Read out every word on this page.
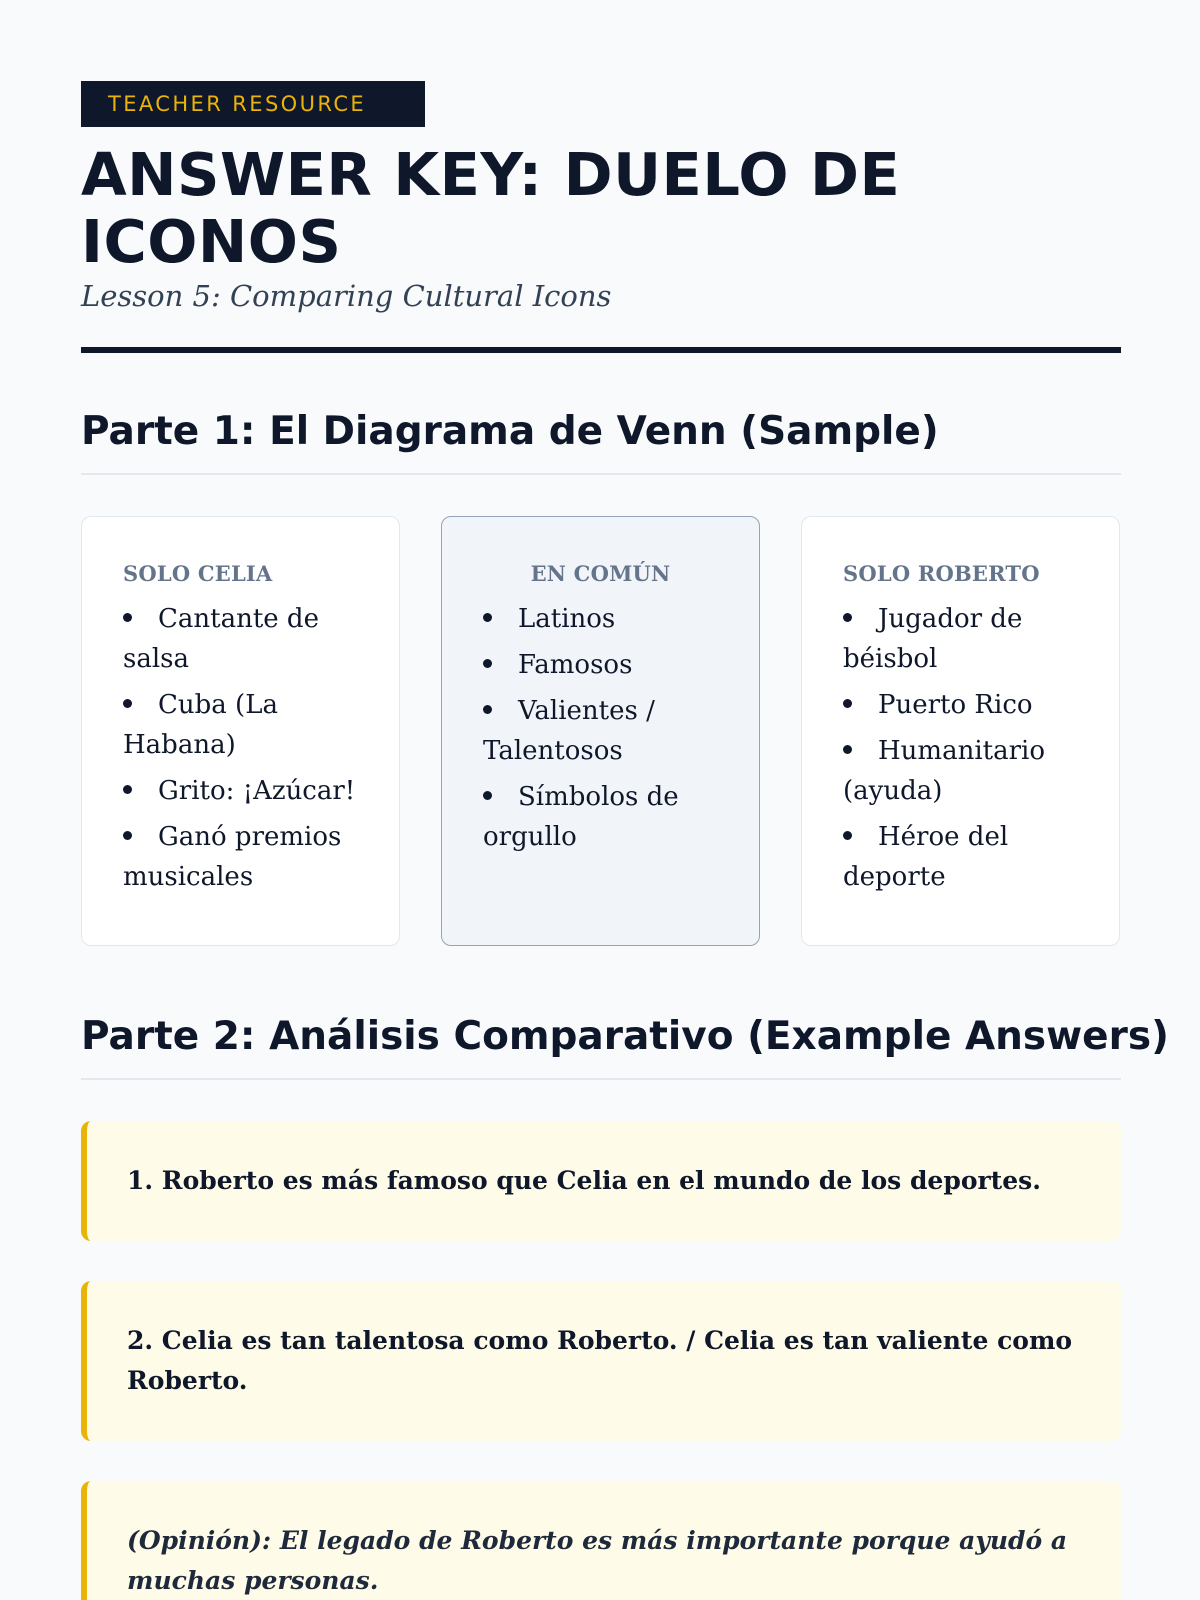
TEACHER RESOURCE
ANSWER KEY: DUELO DE ICONOS

Lesson 5: Comparing Cultural Icons

Parte 1: El Diagrama de Venn (Sample)
SOLO CELIA
Cantante de salsa
Cuba (La Habana)
Grito: ¡Azúcar!
Ganó premios musicales
EN COMÚN
Latinos
Famosos
Valientes / Talentosos
Símbolos de orgullo
SOLO ROBERTO
Jugador de béisbol
Puerto Rico
Humanitario (ayuda)
Héroe del deporte
Parte 2: Análisis Comparativo (Example Answers)
1. Roberto es más famoso que Celia en el mundo de los deportes.
2. Celia es tan talentosa como Roberto. / Celia es tan valiente como Roberto.
(Opinión): El legado de Roberto es más importante porque ayudó a muchas personas.
